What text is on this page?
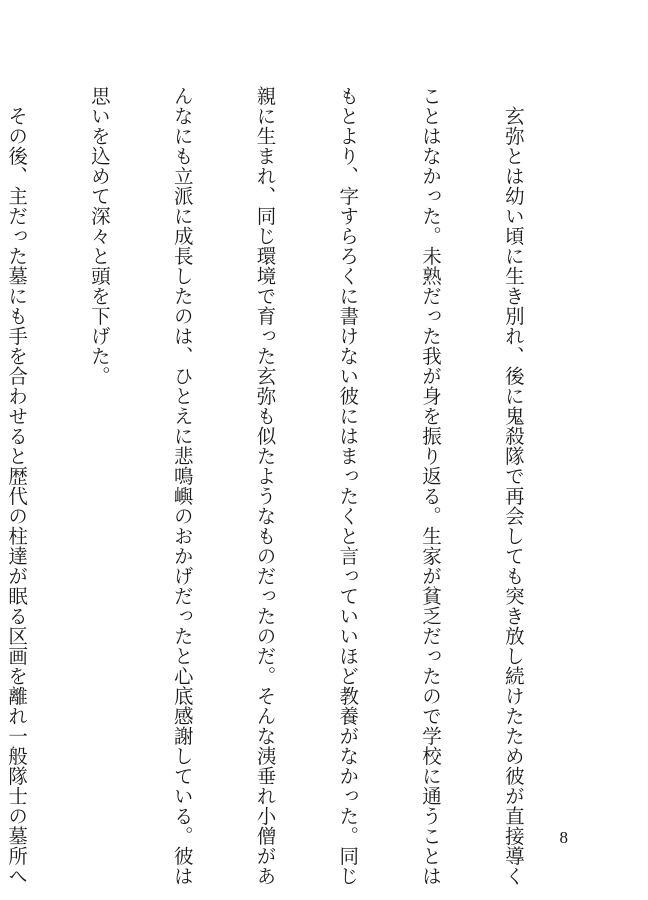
　玄弥とは幼い頃に生き別れ、後に鬼殺隊で再会しても突き放し続けたため彼が直接導く

ことはなかった。未熟だった我が身を振り返る。生家が貧乏だったので学校に通うことは

もとより、字すらろくに書けない彼にはまったくと言っていいほど教養がなかった。同じ

親に生まれ、同じ環境で育った玄弥も似たようなものだったのだ。そんな洟垂れ小僧があ

んなにも立派に成長したのは、ひとえに悲鳴嶼のおかげだったと心底感謝している。彼は

思いを込めて深々と頭を下げた。

　その後、主だった墓にも手を合わせると歴代の柱達が眠る区画を離れ一般隊士の墓所へ

	8
